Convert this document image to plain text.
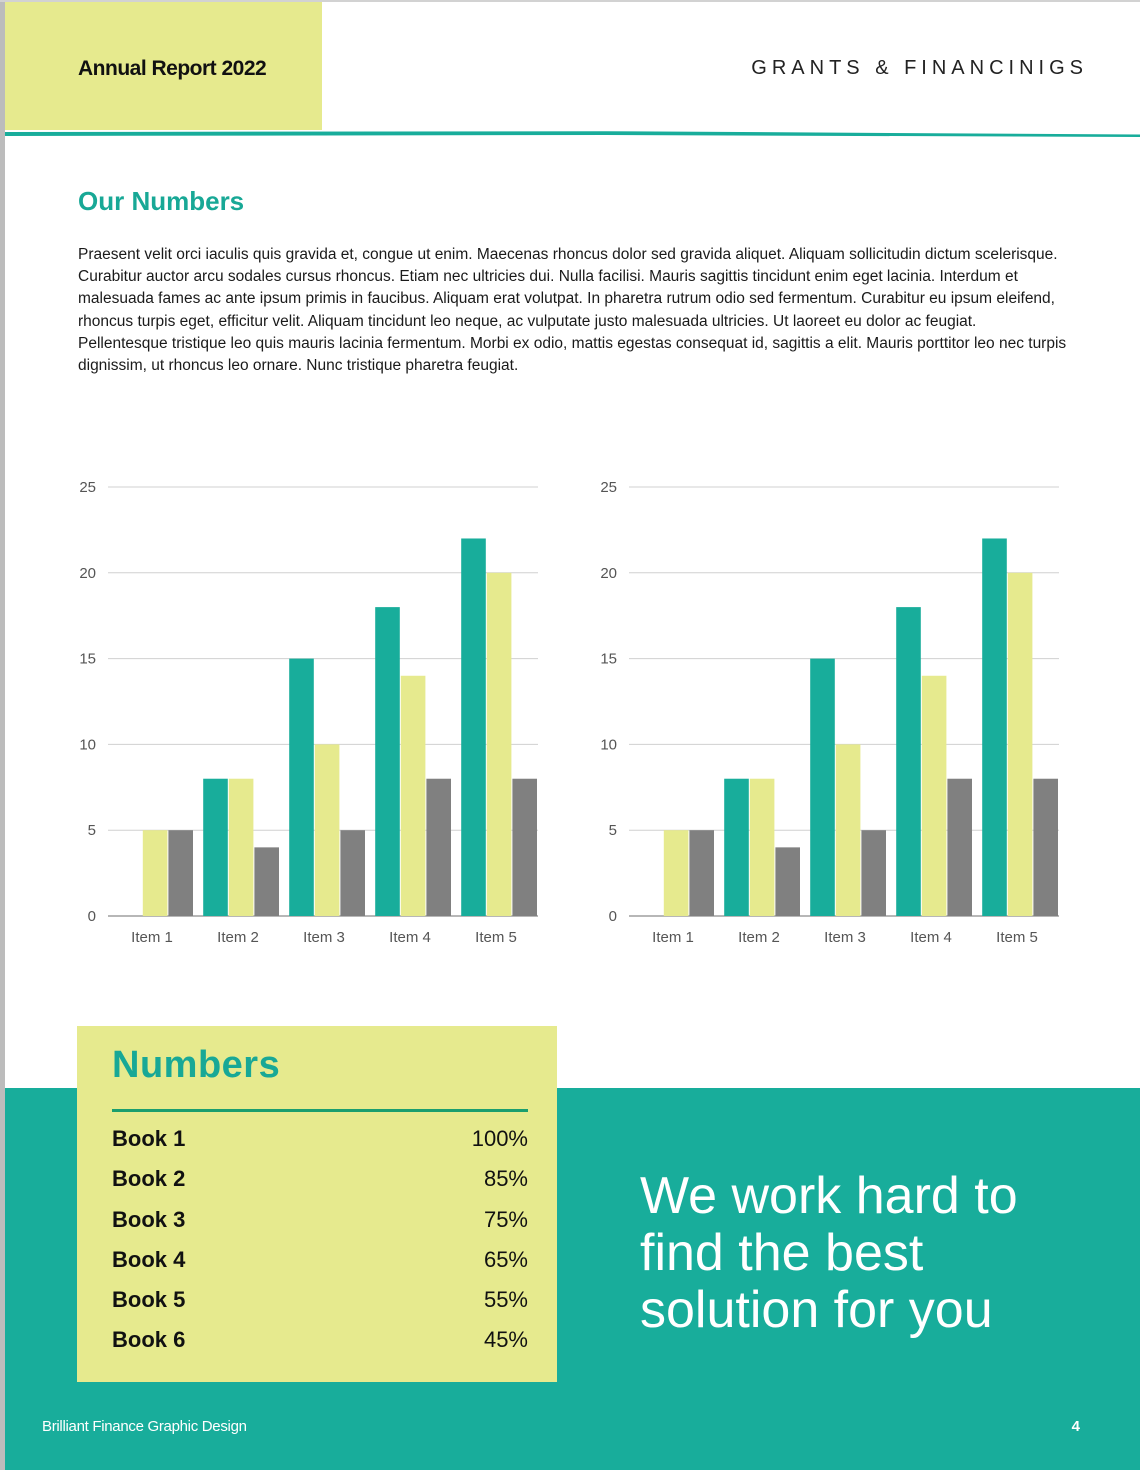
Annual Report 2022	GRANTS & FINANCINIGS
Our Numbers

Praesent velit orci iaculis quis gravida et, congue ut enim. Maecenas rhoncus dolor sed gravida aliquet. Aliquam sollicitudin dictum scelerisque. Curabitur auctor arcu sodales cursus rhoncus. Etiam nec ultricies dui. Nulla facilisi. Mauris sagittis tincidunt enim eget lacinia. Interdum et malesuada fames ac ante ipsum primis in faucibus. Aliquam erat volutpat. In pharetra rutrum odio sed fermentum. Curabitur eu ipsum eleifend, rhoncus turpis eget, efficitur velit. Aliquam tincidunt leo neque, ac vulputate justo malesuada ultricies. Ut laoreet eu dolor ac feugiat. Pellentesque tristique leo quis mauris lacinia fermentum. Morbi ex odio, mattis egestas consequat id, sagittis a elit. Mauris porttitor leo nec turpis dignissim, ut rhoncus leo ornare. Nunc tristique pharetra feugiat.

0
5
10
15
20
25
Item 1	Item 2	Item 3	Item 4	Item 5
0
5
10
15
20
25
Item 1	Item 2	Item 3	Item 4	Item 5
Numbers
Book 1	100%
Book 2	85%
Book 3	75%
Book 4	65%
Book 5	55%
Book 6	45%

We work hard to find the best solution for you

Brilliant Finance Graphic Design	4
